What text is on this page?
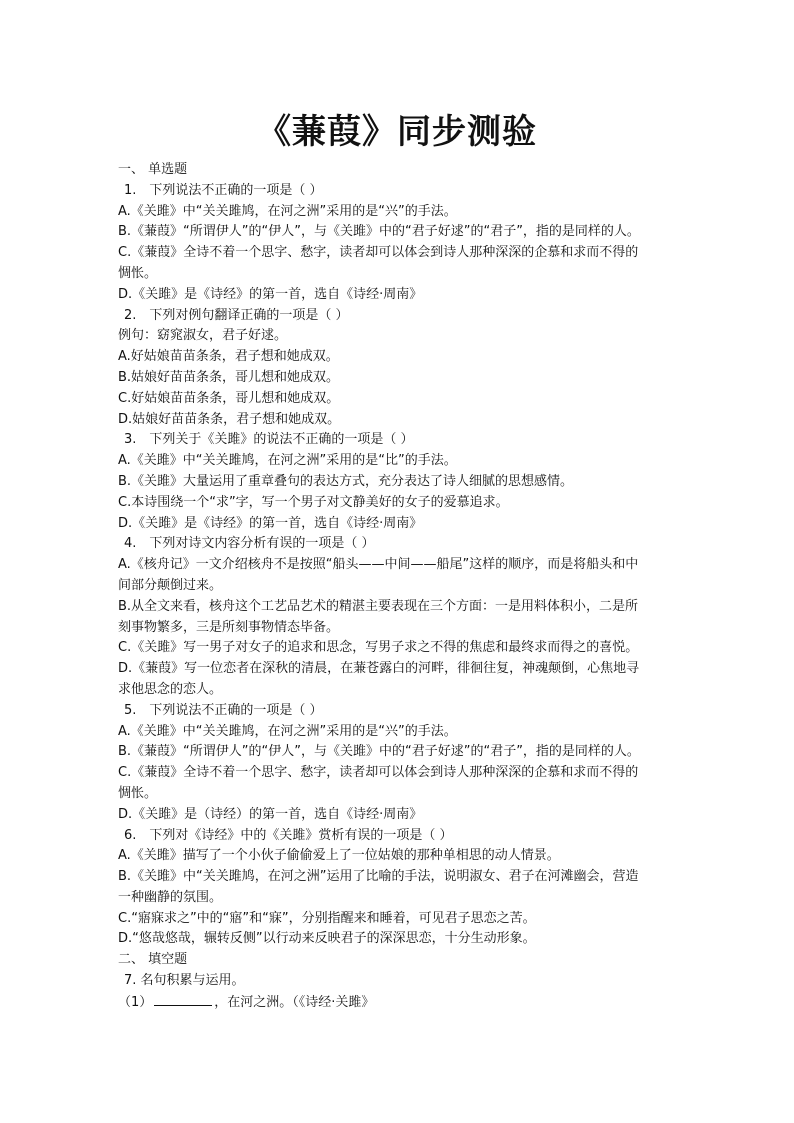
《蒹葭》同步测验
一、 单选题
1.　下列说法不正确的一项是（ ）
A.《关雎》中“关关雎鸠，在河之洲”采用的是“兴”的手法。
B.《蒹葭》“所谓伊人”的“伊人”，与《关雎》中的“君子好逑”的“君子”，指的是同样的人。
C.《蒹葭》全诗不着一个思字、愁字，读者却可以体会到诗人那种深深的企慕和求而不得的
惆怅。
D.《关雎》是《诗经》的第一首，选自《诗经·周南》
2.　下列对例句翻译正确的一项是（ ）
例句：窈窕淑女，君子好逑。
A.好姑娘苗苗条条，君子想和她成双。
B.姑娘好苗苗条条，哥儿想和她成双。
C.好姑娘苗苗条条，哥儿想和她成双。
D.姑娘好苗苗条条，君子想和她成双。
3.　下列关于《关雎》的说法不正确的一项是（ ）
A.《关雎》中“关关雎鸠，在河之洲”采用的是“比”的手法。
B.《关雎》大量运用了重章叠句的表达方式，充分表达了诗人细腻的思想感情。
C.本诗围绕一个“求”字，写一个男子对文静美好的女子的爱慕追求。
D.《关雎》是《诗经》的第一首，选自《诗经·周南》
4.　下列对诗文内容分析有误的一项是（ ）
A.《核舟记》一文介绍核舟不是按照“船头——中间——船尾”这样的顺序，而是将船头和中
间部分颠倒过来。
B.从全文来看，核舟这个工艺品艺术的精湛主要表现在三个方面：一是用料体积小，二是所
刻事物繁多，三是所刻事物情态毕备。
C.《关雎》写一男子对女子的追求和思念，写男子求之不得的焦虑和最终求而得之的喜悦。
D.《蒹葭》写一位恋者在深秋的清晨，在蒹苍露白的河畔，徘徊往复，神魂颠倒，心焦地寻
求他思念的恋人。
5.　下列说法不正确的一项是（ ）
A.《关雎》中“关关雎鸠，在河之洲”采用的是“兴”的手法。
B.《蒹葭》“所谓伊人”的“伊人”，与《关雎》中的“君子好逑”的“君子”，指的是同样的人。
C.《蒹葭》全诗不着一个思字、愁字，读者却可以体会到诗人那种深深的企慕和求而不得的
惆怅。
D.《关雎》是（诗经）的第一首，选自《诗经·周南》
6.　下列对《诗经》中的《关雎》赏析有误的一项是（ ）
A.《关雎》描写了一个小伙子偷偷爱上了一位姑娘的那种单相思的动人情景。
B.《关雎》中“关关雎鸠，在河之洲”运用了比喻的手法，说明淑女、君子在河滩幽会，营造
一种幽静的氛围。
C.“寤寐求之”中的“寤”和“寐”，分别指醒来和睡着，可见君子思恋之苦。
D.“悠哉悠哉，辗转反侧”以行动来反映君子的深深思恋，十分生动形象。
二、 填空题
7. 名句积累与运用。
（1）	，在河之洲。（《诗经·关雎》
